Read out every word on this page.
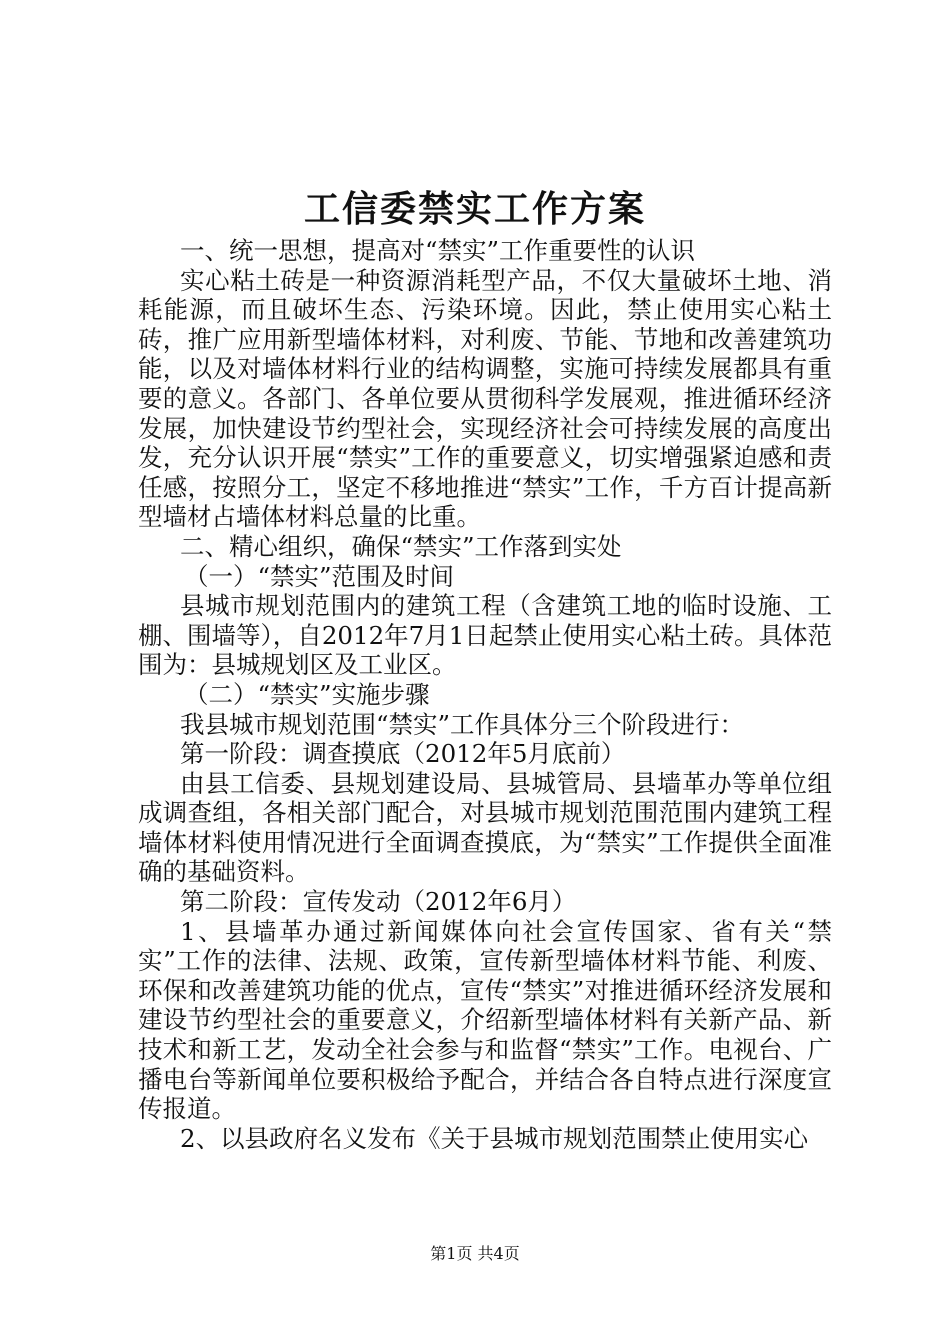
工信委禁实工作方案

一、统一思想，提高对“禁实”工作重要性的认识

实心粘土砖是一种资源消耗型产品，不仅大量破坏土地、消耗能源，而且破坏生态、污染环境。因此，禁止使用实心粘土砖，推广应用新型墙体材料，对利废、节能、节地和改善建筑功能，以及对墙体材料行业的结构调整，实施可持续发展都具有重要的意义。各部门、各单位要从贯彻科学发展观，推进循环经济发展，加快建设节约型社会，实现经济社会可持续发展的高度出发，充分认识开展“禁实”工作的重要意义，切实增强紧迫感和责任感，按照分工，坚定不移地推进“禁实”工作，千方百计提高新型墙材占墙体材料总量的比重。

二、精心组织，确保“禁实”工作落到实处

（一）“禁实”范围及时间

县城市规划范围内的建筑工程（含建筑工地的临时设施、工棚、围墙等），自2012年7月1日起禁止使用实心粘土砖。具体范围为：县城规划区及工业区。

（二）“禁实”实施步骤

我县城市规划范围“禁实”工作具体分三个阶段进行：

第一阶段：调查摸底（2012年5月底前）

由县工信委、县规划建设局、县城管局、县墙革办等单位组成调查组，各相关部门配合，对县城市规划范围范围内建筑工程墙体材料使用情况进行全面调查摸底，为“禁实”工作提供全面准确的基础资料。

第二阶段：宣传发动（2012年6月）

1、县墙革办通过新闻媒体向社会宣传国家、省有关“禁实”工作的法律、法规、政策，宣传新型墙体材料节能、利废、环保和改善建筑功能的优点，宣传“禁实”对推进循环经济发展和建设节约型社会的重要意义，介绍新型墙体材料有关新产品、新技术和新工艺，发动全社会参与和监督“禁实”工作。电视台、广播电台等新闻单位要积极给予配合，并结合各自特点进行深度宣传报道。

2、以县政府名义发布《关于县城市规划范围禁止使用实心

第1页 共4页
